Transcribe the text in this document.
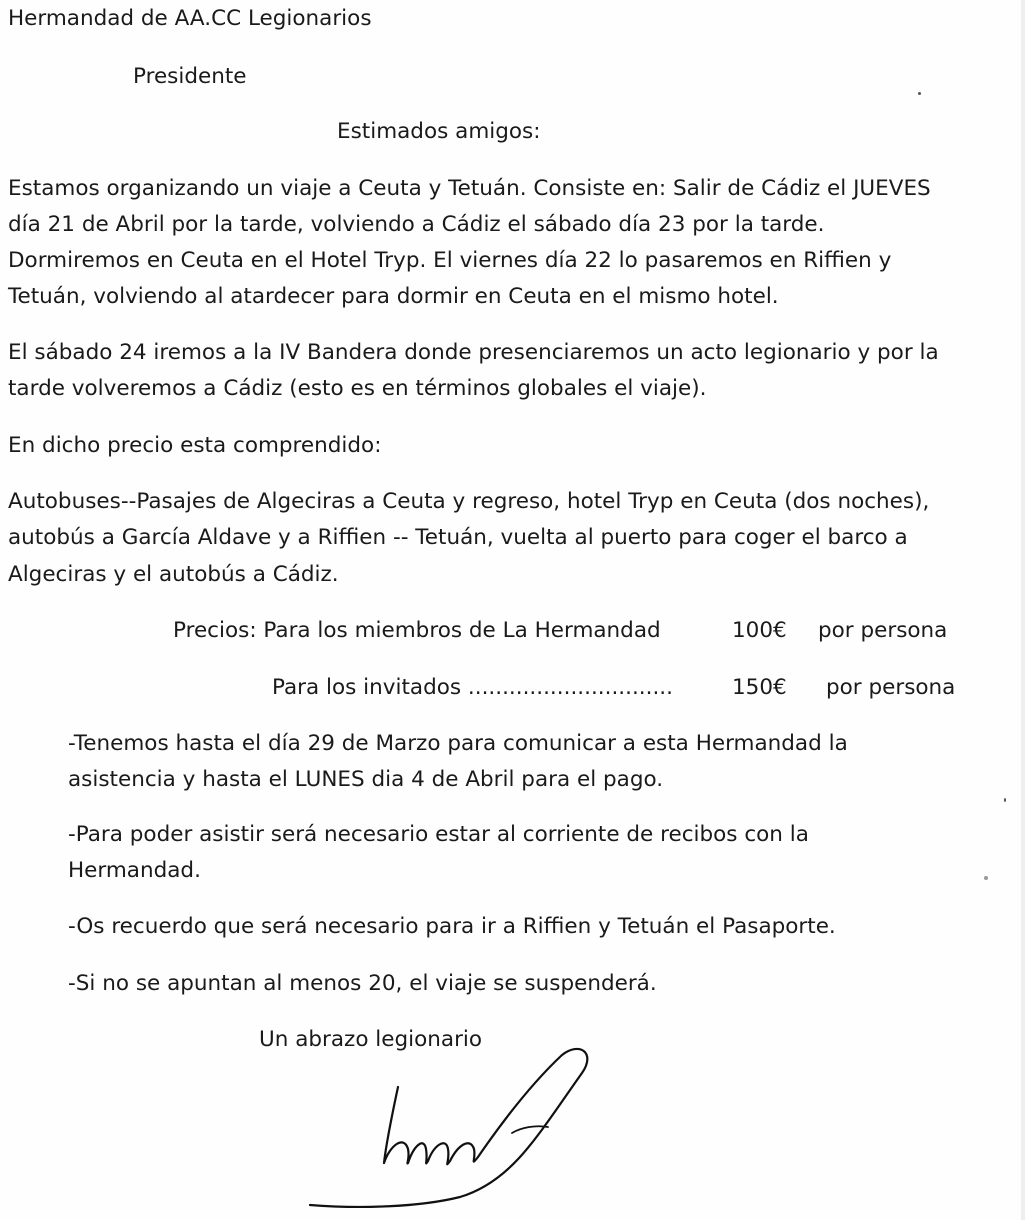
Hermandad de AA.CC Legionarios
Presidente
Estimados amigos:
Estamos organizando un viaje a Ceuta y Tetuán. Consiste en: Salir de Cádiz el JUEVES
día 21 de Abril por la tarde, volviendo a Cádiz el sábado día 23 por la tarde.
Dormiremos en Ceuta en el Hotel Tryp. El viernes día 22 lo pasaremos en Riffien y
Tetuán, volviendo al atardecer para dormir en Ceuta en el mismo hotel.
El sábado 24 iremos a la IV Bandera donde presenciaremos un acto legionario y por la
tarde volveremos a Cádiz (esto es en términos globales el viaje).
En dicho precio esta comprendido:
Autobuses--Pasajes de Algeciras a Ceuta y regreso, hotel Tryp en Ceuta (dos noches),
autobús a García Aldave y a Riffien -- Tetuán, vuelta al puerto para coger el barco a
Algeciras y el autobús a Cádiz.
Precios: Para los miembros de La Hermandad	100€ por persona
Para los invitados ..............................	150€ por persona
-Tenemos hasta el día 29 de Marzo para comunicar a esta Hermandad la
asistencia y hasta el LUNES dia 4 de Abril para el pago.
-Para poder asistir será necesario estar al corriente de recibos con la
Hermandad.
-Os recuerdo que será necesario para ir a Riffien y Tetuán el Pasaporte.
-Si no se apuntan al menos 20, el viaje se suspenderá.
Un abrazo legionario
